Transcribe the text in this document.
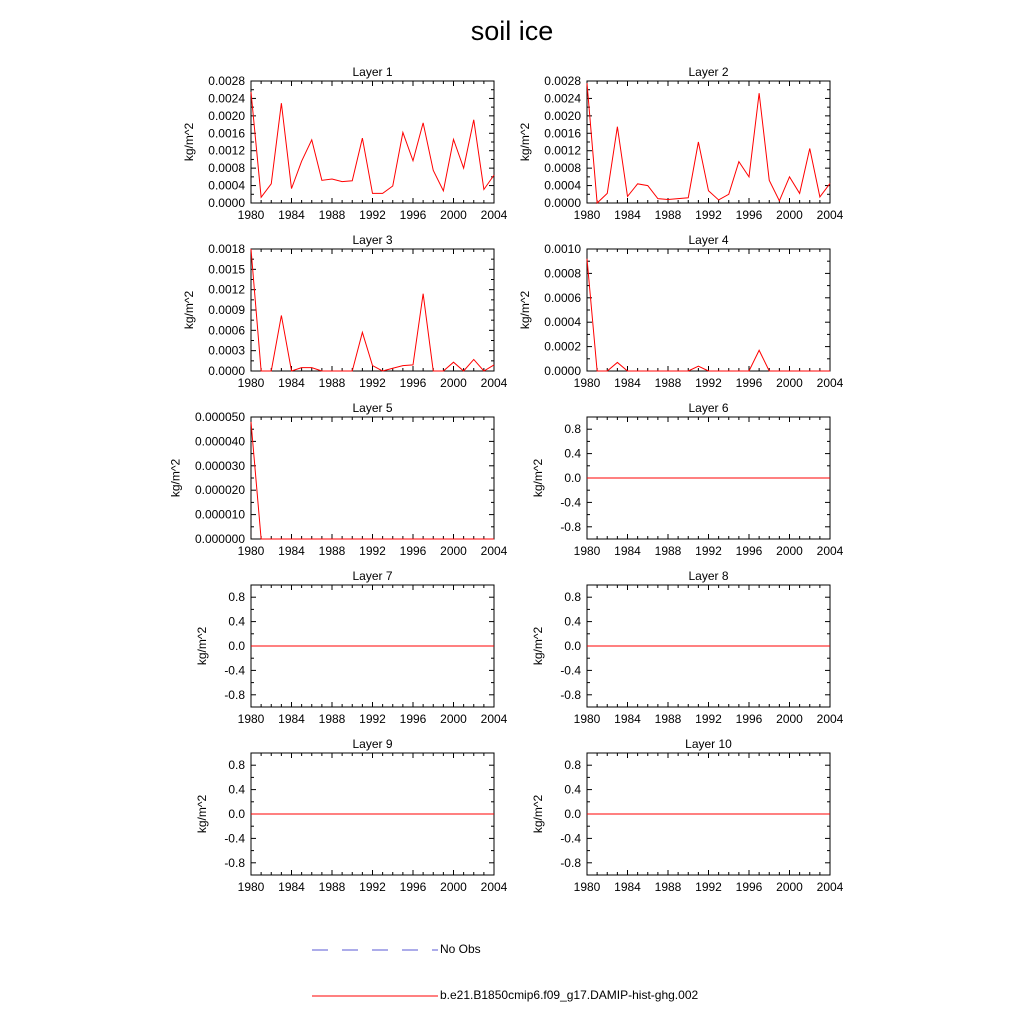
soil ice
Layer 1
1980 1984 1988 1992 1996 2000 2004
0.0000
0.0004
0.0008
0.0012
0.0016
0.0020
0.0024
0.0028
kg/m^2
Layer 2
1980 1984 1988 1992 1996 2000 2004
0.0000
0.0004
0.0008
0.0012
0.0016
0.0020
0.0024
0.0028
kg/m^2
Layer 3
1980 1984 1988 1992 1996 2000 2004
0.0000
0.0003
0.0006
0.0009
0.0012
0.0015
0.0018
kg/m^2
Layer 4
1980 1984 1988 1992 1996 2000 2004
0.0000
0.0002
0.0004
0.0006
0.0008
0.0010
kg/m^2
Layer 5
1980 1984 1988 1992 1996 2000 2004
0.000000
0.000010
0.000020
0.000030
0.000040
0.000050
kg/m^2
Layer 6
1980 1984 1988 1992 1996 2000 2004
-0.8
-0.4
0.0
0.4
0.8
kg/m^2
Layer 7
1980 1984 1988 1992 1996 2000 2004
-0.8
-0.4
0.0
0.4
0.8
kg/m^2
Layer 8
1980 1984 1988 1992 1996 2000 2004
-0.8
-0.4
0.0
0.4
0.8
kg/m^2
Layer 9
1980 1984 1988 1992 1996 2000 2004
-0.8
-0.4
0.0
0.4
0.8
kg/m^2
Layer 10
1980 1984 1988 1992 1996 2000 2004
-0.8
-0.4
0.0
0.4
0.8
kg/m^2
No Obs
b.e21.B1850cmip6.f09_g17.DAMIP-hist-ghg.002
